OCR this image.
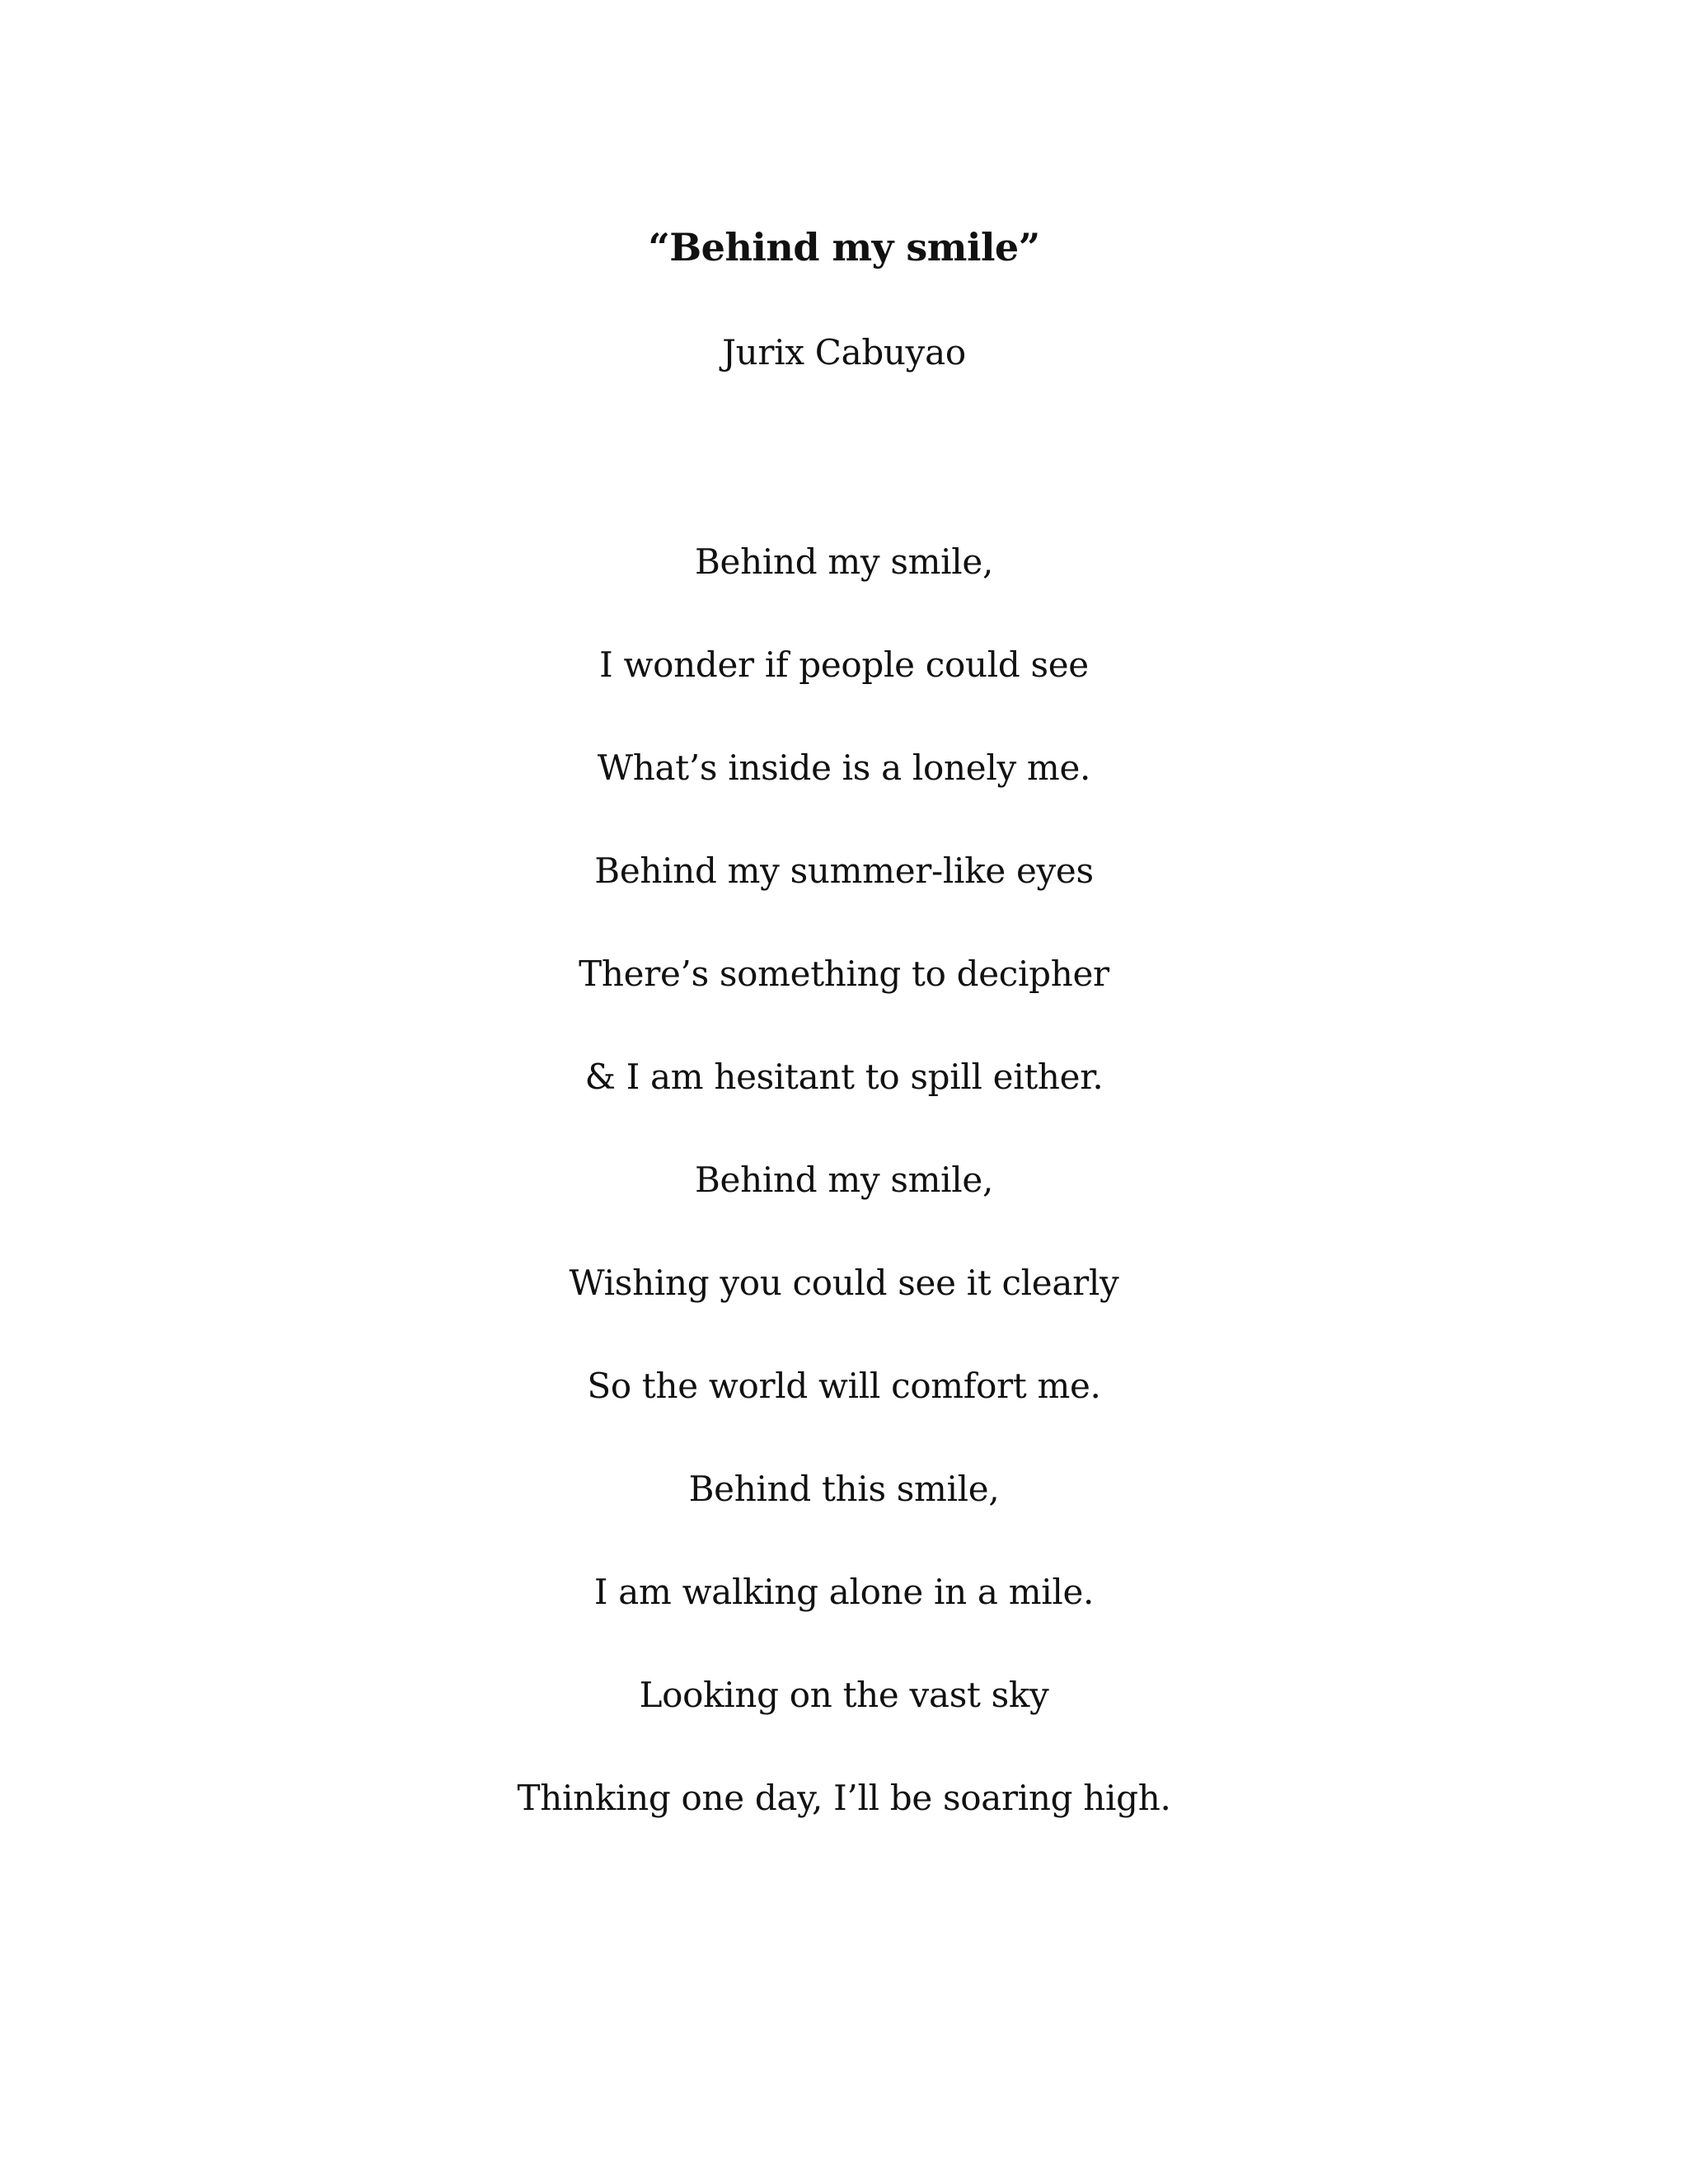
“Behind my smile”

Jurix Cabuyao

Behind my smile,
I wonder if people could see
What’s inside is a lonely me.
Behind my summer-like eyes
There’s something to decipher
& I am hesitant to spill either.
Behind my smile,
Wishing you could see it clearly
So the world will comfort me.
Behind this smile,
I am walking alone in a mile.
Looking on the vast sky
Thinking one day, I’ll be soaring high.
